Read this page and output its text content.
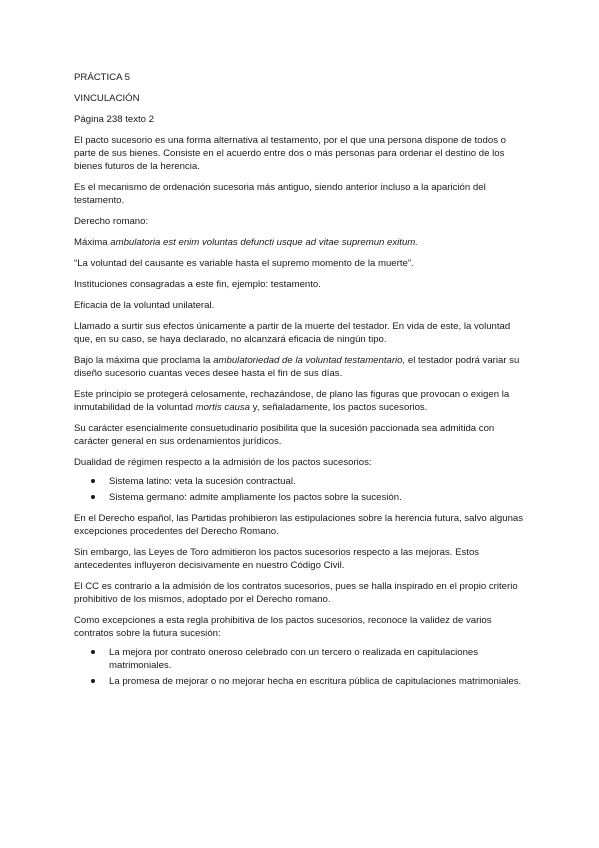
PRÁCTICA 5

VINCULACIÓN

Página 238 texto 2

El pacto sucesorio es una forma alternativa al testamento, por el que una persona dispone de todos o parte de sus bienes. Consiste en el acuerdo entre dos o más personas para ordenar el destino de los bienes futuros de la herencia.

Es el mecanismo de ordenación sucesoria más antiguo, siendo anterior incluso a la aparición del testamento.

Derecho romano:

Máxima ambulatoria est enim voluntas defuncti usque ad vitae supremun exitum.

“La voluntad del causante es variable hasta el supremo momento de la muerte”.

Instituciones consagradas a este fin, ejemplo: testamento.

Eficacia de la voluntad unilateral.

Llamado a surtir sus efectos únicamente a partir de la muerte del testador. En vida de este, la voluntad que, en su caso, se haya declarado, no alcanzará eficacia de ningún tipo.

Bajo la máxima que proclama la ambulatoriedad de la voluntad testamentario, el testador podrá variar su diseño sucesorio cuantas veces desee hasta el fin de sus días.

Este principio se protegerá celosamente, rechazándose, de plano las figuras que provocan o exigen la inmutabilidad de la voluntad mortis causa y, señaladamente, los pactos sucesorios.

Su carácter esencialmente consuetudinario posibilita que la sucesión paccionada sea admitida con carácter general en sus ordenamientos jurídicos.

Dualidad de régimen respecto a la admisión de los pactos sucesorios:

Sistema latino: veta la sucesión contractual.
Sistema germano: admite ampliamente los pactos sobre la sucesión.

En el Derecho español, las Partidas prohibieron las estipulaciones sobre la herencia futura, salvo algunas excepciones procedentes del Derecho Romano.

Sin embargo, las Leyes de Toro admitieron los pactos sucesorios respecto a las mejoras. Estos antecedentes influyeron decisivamente en nuestro Código Civil.

El CC es contrario a la admisión de los contratos sucesorios, pues se halla inspirado en el propio criterio prohibitivo de los mismos, adoptado por el Derecho romano.

Como excepciones a esta regla prohibitiva de los pactos sucesorios, reconoce la validez de varios contratos sobre la futura sucesión:

La mejora por contrato oneroso celebrado con un tercero o realizada en capitulaciones matrimoniales.
La promesa de mejorar o no mejorar hecha en escritura pública de capitulaciones matrimoniales.
